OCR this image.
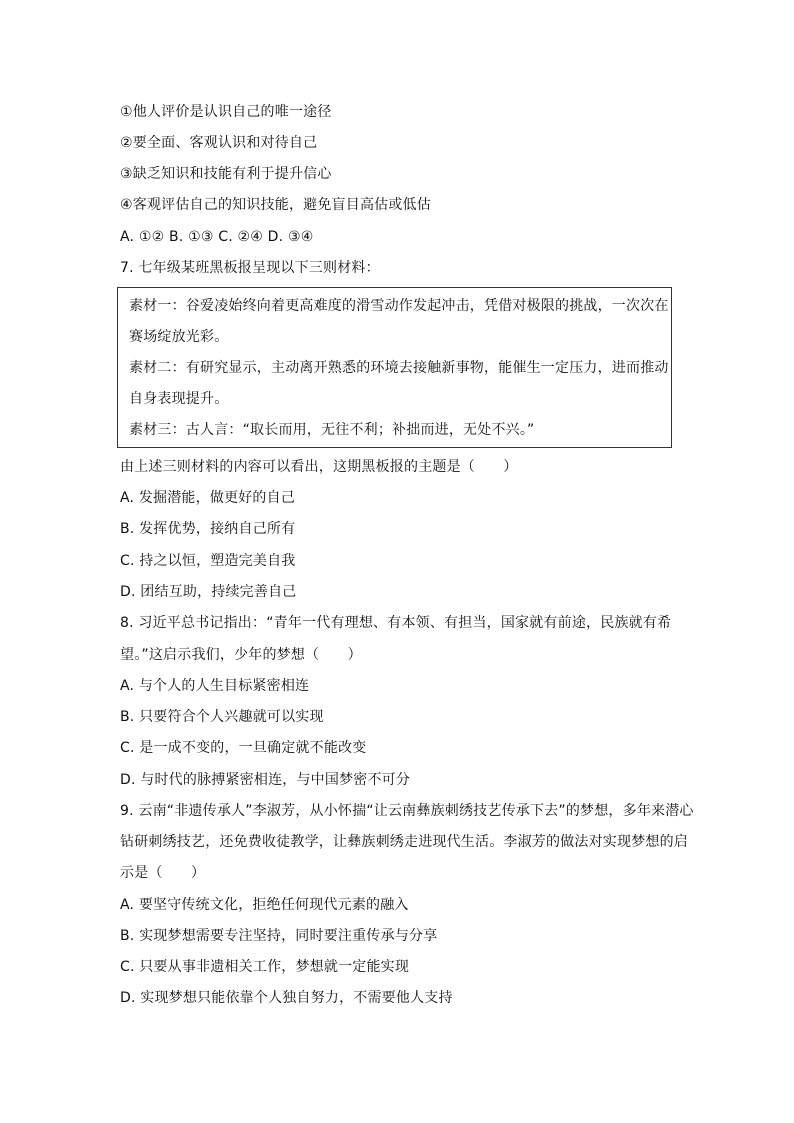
①他人评价是认识自己的唯一途径
②要全面、客观认识和对待自己
③缺乏知识和技能有利于提升信心
④客观评估自己的知识技能，避免盲目高估或低估
A. ①② B. ①③ C. ②④ D. ③④
7. 七年级某班黑板报呈现以下三则材料：
素材一：谷爱凌始终向着更高难度的滑雪动作发起冲击，凭借对极限的挑战，一次次在
赛场绽放光彩。
素材二：有研究显示，主动离开熟悉的环境去接触新事物，能催生一定压力，进而推动
自身表现提升。
素材三：古人言：“取长而用，无往不利；补拙而进，无处不兴。”
由上述三则材料的内容可以看出，这期黑板报的主题是（　　）
A. 发掘潜能，做更好的自己
B. 发挥优势，接纳自己所有
C. 持之以恒，塑造完美自我
D. 团结互助，持续完善自己
8. 习近平总书记指出：“青年一代有理想、有本领、有担当，国家就有前途，民族就有希
望。”这启示我们，少年的梦想（　　）
A. 与个人的人生目标紧密相连
B. 只要符合个人兴趣就可以实现
C. 是一成不变的，一旦确定就不能改变
D. 与时代的脉搏紧密相连，与中国梦密不可分
9. 云南“非遗传承人”李淑芳，从小怀揣“让云南彝族刺绣技艺传承下去”的梦想，多年来潜心
钻研刺绣技艺，还免费收徒教学，让彝族刺绣走进现代生活。李淑芳的做法对实现梦想的启
示是（　　）
A. 要坚守传统文化，拒绝任何现代元素的融入
B. 实现梦想需要专注坚持，同时要注重传承与分享
C. 只要从事非遗相关工作，梦想就一定能实现
D. 实现梦想只能依靠个人独自努力，不需要他人支持
